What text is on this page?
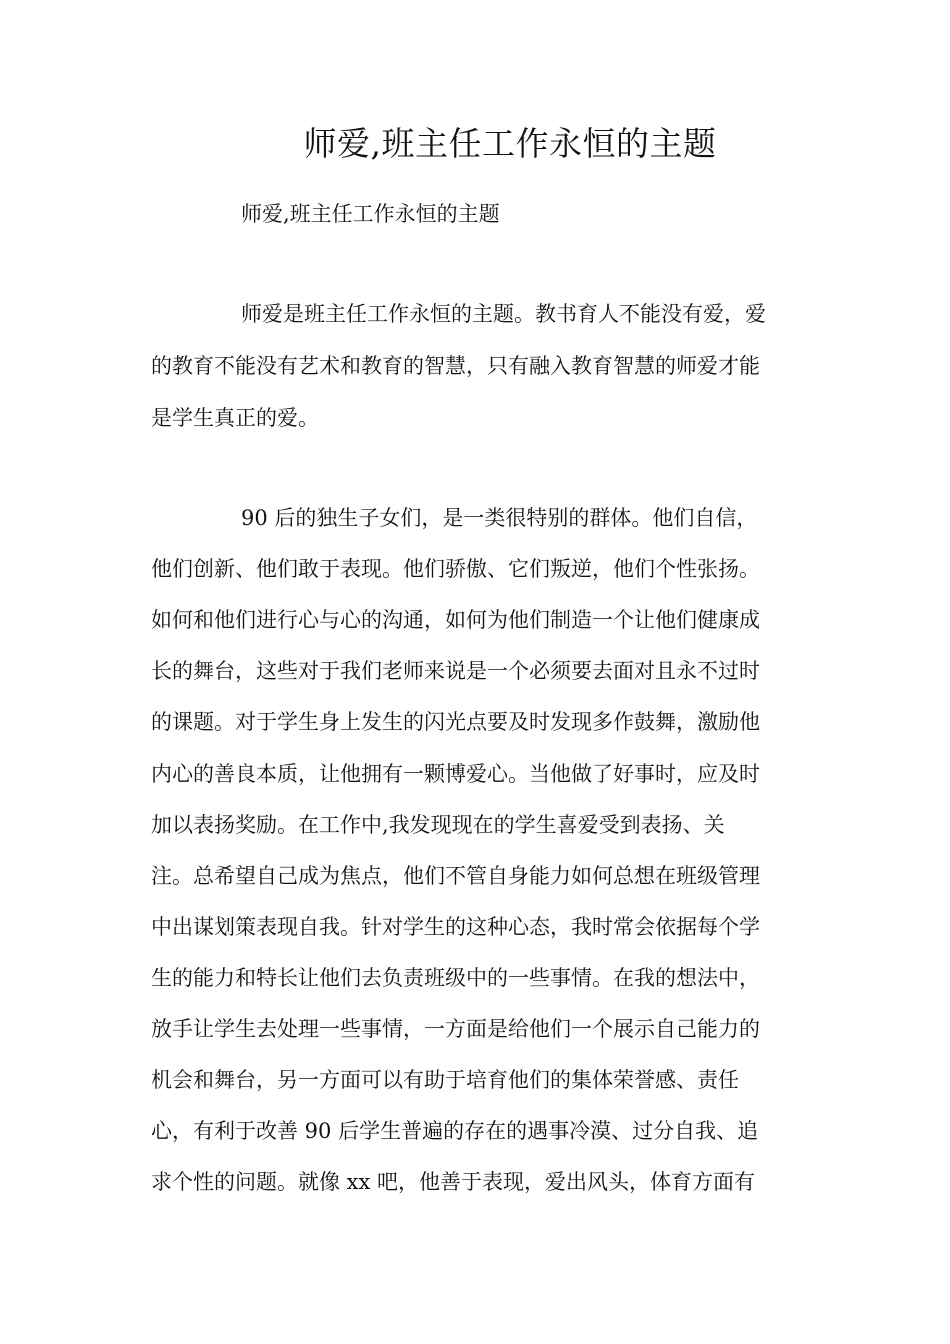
师爱,班主任工作永恒的主题
师爱,班主任工作永恒的主题
师爱是班主任工作永恒的主题。教书育人不能没有爱，爱
的教育不能没有艺术和教育的智慧，只有融入教育智慧的师爱才能
是学生真正的爱。
90 后的独生子女们，是一类很特别的群体。他们自信，
他们创新、他们敢于表现。他们骄傲、它们叛逆，他们个性张扬。
如何和他们进行心与心的沟通，如何为他们制造一个让他们健康成
长的舞台，这些对于我们老师来说是一个必须要去面对且永不过时
的课题。对于学生身上发生的闪光点要及时发现多作鼓舞，激励他
内心的善良本质，让他拥有一颗博爱心。当他做了好事时，应及时
加以表扬奖励。在工作中,我发现现在的学生喜爱受到表扬、关
注。总希望自己成为焦点，他们不管自身能力如何总想在班级管理
中出谋划策表现自我。针对学生的这种心态，我时常会依据每个学
生的能力和特长让他们去负责班级中的一些事情。在我的想法中，
放手让学生去处理一些事情，一方面是给他们一个展示自己能力的
机会和舞台，另一方面可以有助于培育他们的集体荣誉感、责任
心，有利于改善 90 后学生普遍的存在的遇事冷漠、过分自我、追
求个性的问题。就像 xx 吧，他善于表现，爱出风头，体育方面有
